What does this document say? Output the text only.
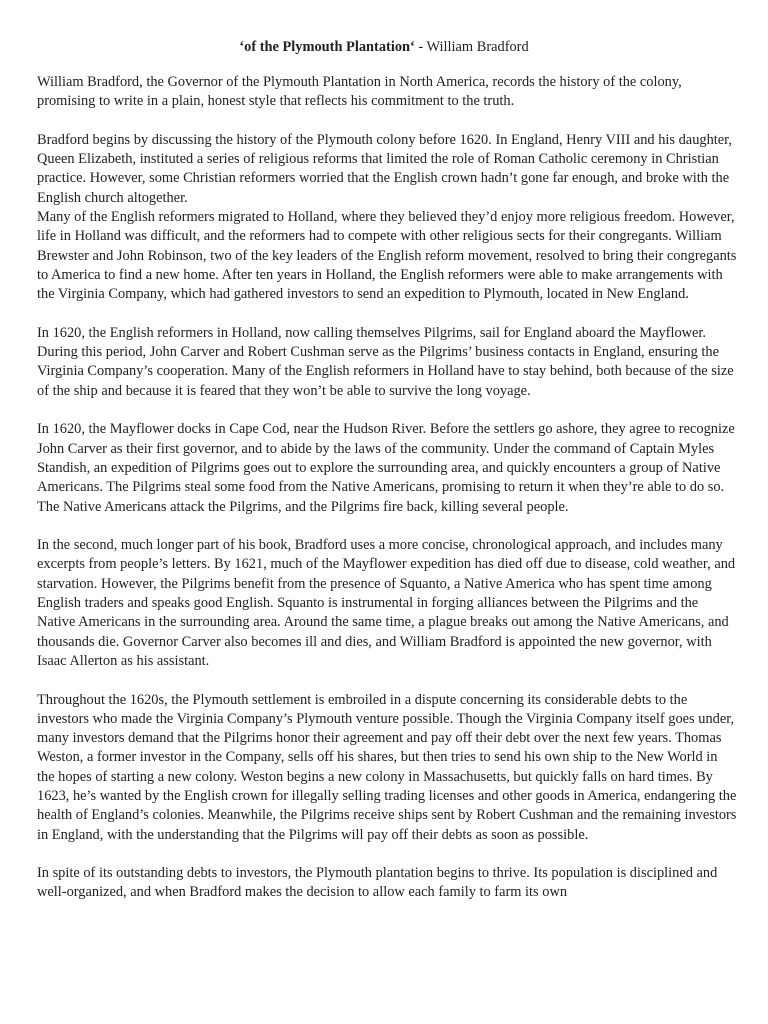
‘of the Plymouth Plantation‘ - William Bradford

William Bradford, the Governor of the Plymouth Plantation in North America, records the history of the colony, promising to write in a plain, honest style that reflects his commitment to the truth.

Bradford begins by discussing the history of the Plymouth colony before 1620. In England, Henry VIII and his daughter, Queen Elizabeth, instituted a series of religious reforms that limited the role of Roman Catholic ceremony in Christian practice. However, some Christian reformers worried that the English crown hadn’t gone far enough, and broke with the English church altogether.

Many of the English reformers migrated to Holland, where they believed they’d enjoy more religious freedom. However, life in Holland was difficult, and the reformers had to compete with other religious sects for their congregants. William Brewster and John Robinson, two of the key leaders of the English reform movement, resolved to bring their congregants to America to find a new home. After ten years in Holland, the English reformers were able to make arrangements with the Virginia Company, which had gathered investors to send an expedition to Plymouth, located in New England.

In 1620, the English reformers in Holland, now calling themselves Pilgrims, sail for England aboard the Mayflower. During this period, John Carver and Robert Cushman serve as the Pilgrims’ business contacts in England, ensuring the Virginia Company’s cooperation. Many of the English reformers in Holland have to stay behind, both because of the size of the ship and because it is feared that they won’t be able to survive the long voyage.

In 1620, the Mayflower docks in Cape Cod, near the Hudson River. Before the settlers go ashore, they agree to recognize John Carver as their first governor, and to abide by the laws of the community. Under the command of Captain Myles Standish, an expedition of Pilgrims goes out to explore the surrounding area, and quickly encounters a group of Native Americans. The Pilgrims steal some food from the Native Americans, promising to return it when they’re able to do so. The Native Americans attack the Pilgrims, and the Pilgrims fire back, killing several people.

In the second, much longer part of his book, Bradford uses a more concise, chronological approach, and includes many excerpts from people’s letters. By 1621, much of the Mayflower expedition has died off due to disease, cold weather, and starvation. However, the Pilgrims benefit from the presence of Squanto, a Native America who has spent time among English traders and speaks good English. Squanto is instrumental in forging alliances between the Pilgrims and the Native Americans in the surrounding area. Around the same time, a plague breaks out among the Native Americans, and thousands die. Governor Carver also becomes ill and dies, and William Bradford is appointed the new governor, with Isaac Allerton as his assistant.

Throughout the 1620s, the Plymouth settlement is embroiled in a dispute concerning its considerable debts to the investors who made the Virginia Company’s Plymouth venture possible. Though the Virginia Company itself goes under, many investors demand that the Pilgrims honor their agreement and pay off their debt over the next few years. Thomas Weston, a former investor in the Company, sells off his shares, but then tries to send his own ship to the New World in the hopes of starting a new colony. Weston begins a new colony in Massachusetts, but quickly falls on hard times. By 1623, he’s wanted by the English crown for illegally selling trading licenses and other goods in America, endangering the health of England’s colonies. Meanwhile, the Pilgrims receive ships sent by Robert Cushman and the remaining investors in England, with the understanding that the Pilgrims will pay off their debts as soon as possible.

In spite of its outstanding debts to investors, the Plymouth plantation begins to thrive. Its population is disciplined and well-organized, and when Bradford makes the decision to allow each family to farm its own
